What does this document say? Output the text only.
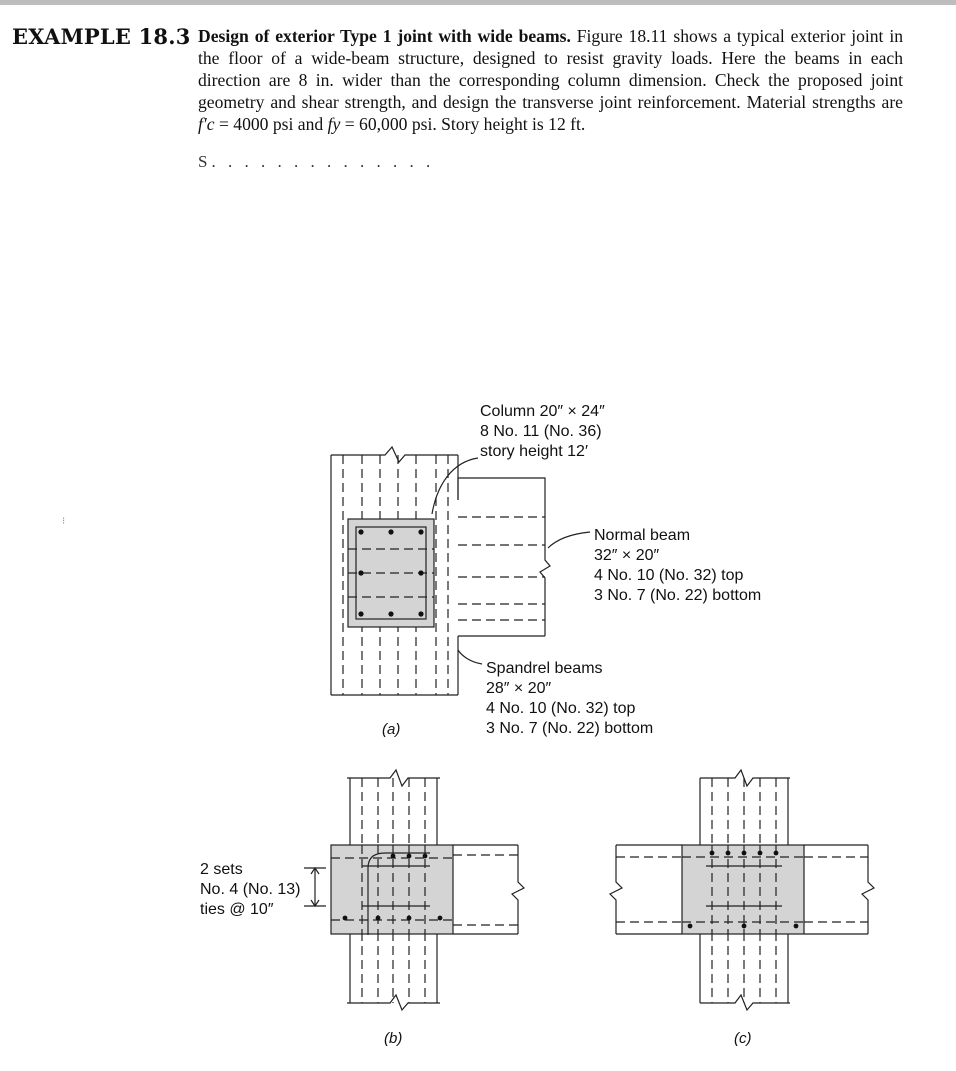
EXAMPLE 18.3 Design of exterior Type 1 joint with wide beams. Figure 18.11 shows a typical exterior joint in the floor of a wide-beam structure, designed to resist gravity loads. Here the beams in each direction are 8 in. wider than the corresponding column dimension. Check the proposed joint geometry and shear strength, and design the transverse joint reinforcement. Material strengths are f′c = 4000 psi and fy = 60,000 psi. Story height is 12 ft.
S. . . . . . . . . . . . . .
⁝
Column 20″ × 24″
8 No. 11 (No. 36)
story height 12′
Normal beam
32″ × 20″
4 No. 10 (No. 32) top
3 No. 7 (No. 22) bottom
Spandrel beams
28″ × 20″
4 No. 10 (No. 32) top
3 No. 7 (No. 22) bottom
(a)
2 sets
No. 4 (No. 13)
ties @ 10″
(b)	(c)
